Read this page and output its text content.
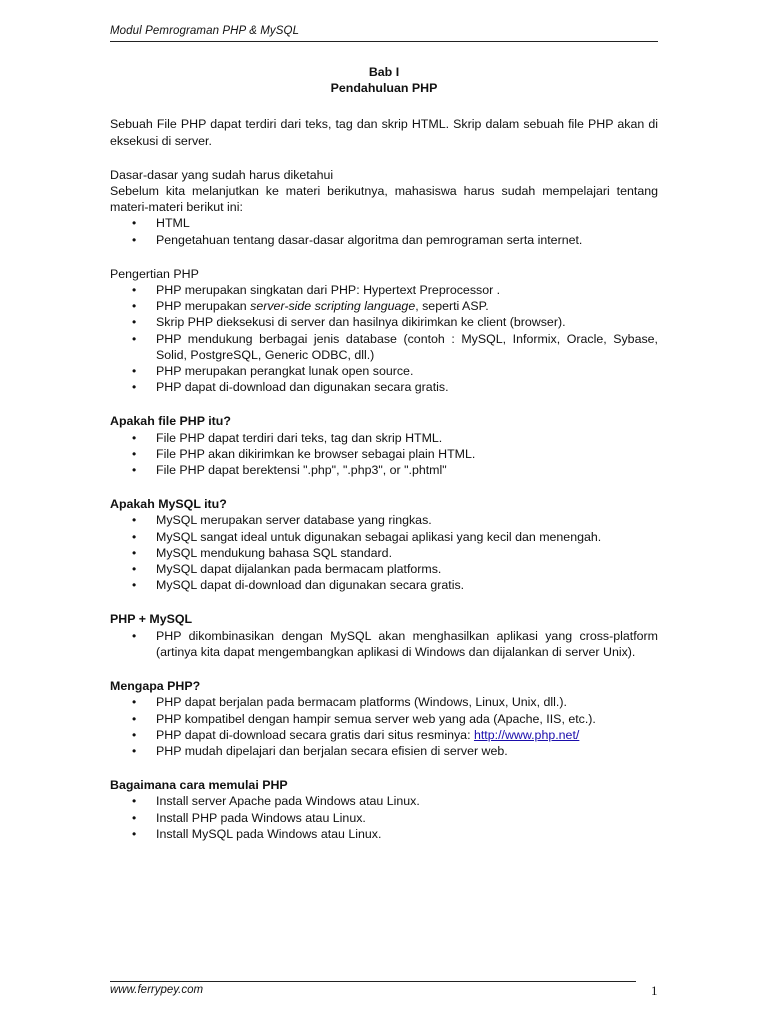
Modul Pemrograman PHP & MySQL
Bab I
Pendahuluan PHP

Sebuah File PHP dapat terdiri dari teks, tag dan skrip HTML. Skrip dalam sebuah file PHP akan di eksekusi di server.

Dasar-dasar yang sudah harus diketahui

Sebelum kita melanjutkan ke materi berikutnya, mahasiswa harus sudah mempelajari tentang materi-materi berikut ini:

• HTML
• Pengetahuan tentang dasar-dasar algoritma dan pemrograman serta internet.
Pengertian PHP
• PHP merupakan singkatan dari PHP: Hypertext Preprocessor .
• PHP merupakan server-side scripting language, seperti ASP.
• Skrip PHP dieksekusi di server dan hasilnya dikirimkan ke client (browser).
• PHP mendukung berbagai jenis database (contoh : MySQL, Informix, Oracle, Sybase, Solid, PostgreSQL, Generic ODBC, dll.)
• PHP merupakan perangkat lunak open source.
• PHP dapat di-download dan digunakan secara gratis.
Apakah file PHP itu?
• File PHP dapat terdiri dari teks, tag dan skrip HTML.
• File PHP akan dikirimkan ke browser sebagai plain HTML.
• File PHP dapat berektensi ".php", ".php3", or ".phtml"
Apakah MySQL itu?
• MySQL merupakan server database yang ringkas.
• MySQL sangat ideal untuk digunakan sebagai aplikasi yang kecil dan menengah.
• MySQL mendukung bahasa SQL standard.
• MySQL dapat dijalankan pada bermacam platforms.
• MySQL dapat di-download dan digunakan secara gratis.
PHP + MySQL
• PHP dikombinasikan dengan MySQL akan menghasilkan aplikasi yang cross-platform (artinya kita dapat mengembangkan aplikasi di Windows dan dijalankan di server Unix).
Mengapa PHP?
• PHP dapat berjalan pada bermacam platforms (Windows, Linux, Unix, dll.).
• PHP kompatibel dengan hampir semua server web yang ada (Apache, IIS, etc.).
• PHP dapat di-download secara gratis dari situs resminya: http://www.php.net/
• PHP mudah dipelajari dan berjalan secara efisien di server web.
Bagaimana cara memulai PHP
• Install server Apache pada Windows atau Linux.
• Install PHP pada Windows atau Linux.
• Install MySQL pada Windows atau Linux.
www.ferrypey.com	1
